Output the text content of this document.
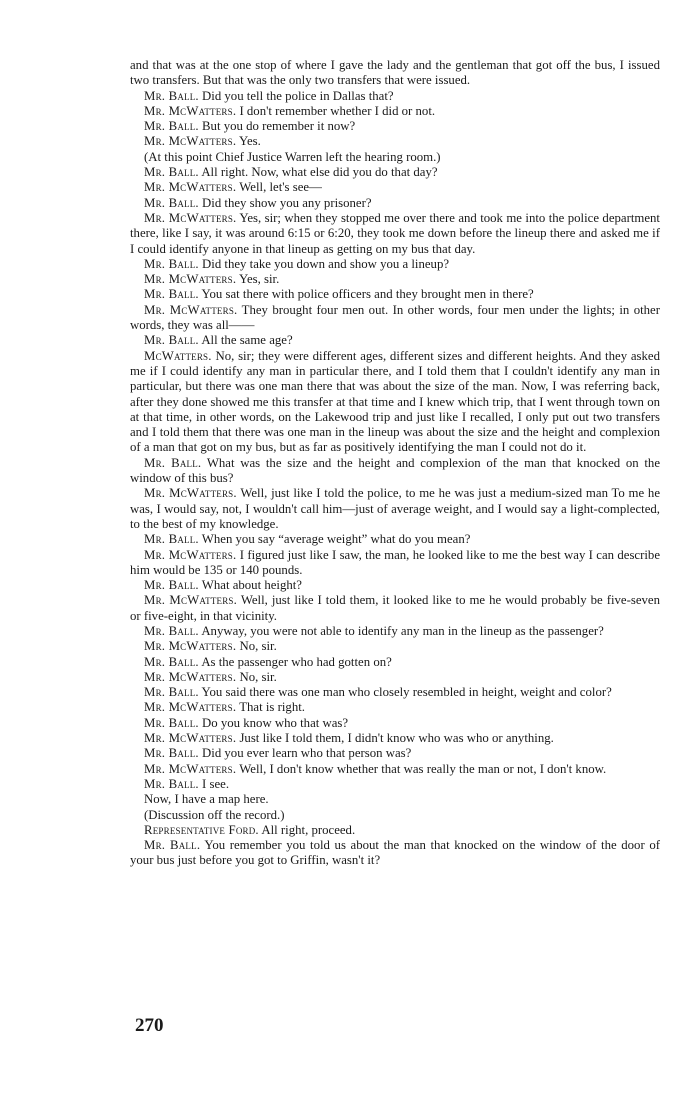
and that was at the one stop of where I gave the lady and the gentleman that got off the bus, I issued two transfers. But that was the only two transfers that were issued.

Mr. Ball. Did you tell the police in Dallas that?

Mr. McWatters. I don't remember whether I did or not.

Mr. Ball. But you do remember it now?

Mr. McWatters. Yes.

(At this point Chief Justice Warren left the hearing room.)

Mr. Ball. All right. Now, what else did you do that day?

Mr. McWatters. Well, let's see—

Mr. Ball. Did they show you any prisoner?

Mr. McWatters. Yes, sir; when they stopped me over there and took me into the police department there, like I say, it was around 6:15 or 6:20, they took me down before the lineup there and asked me if I could identify anyone in that lineup as getting on my bus that day.

Mr. Ball. Did they take you down and show you a lineup?

Mr. McWatters. Yes, sir.

Mr. Ball. You sat there with police officers and they brought men in there?

Mr. McWatters. They brought four men out. In other words, four men under the lights; in other words, they was all——

Mr. Ball. All the same age?

McWatters. No, sir; they were different ages, different sizes and different heights. And they asked me if I could identify any man in particular there, and I told them that I couldn't identify any man in particular, but there was one man there that was about the size of the man. Now, I was referring back, after they done showed me this transfer at that time and I knew which trip, that I went through town on at that time, in other words, on the Lakewood trip and just like I recalled, I only put out two transfers and I told them that there was one man in the lineup was about the size and the height and complexion of a man that got on my bus, but as far as positively identifying the man I could not do it.

Mr. Ball. What was the size and the height and complexion of the man that knocked on the window of this bus?

Mr. McWatters. Well, just like I told the police, to me he was just a medium-sized man To me he was, I would say, not, I wouldn't call him—just of average weight, and I would say a light-complected, to the best of my knowledge.

Mr. Ball. When you say “average weight” what do you mean?

Mr. McWatters. I figured just like I saw, the man, he looked like to me the best way I can describe him would be 135 or 140 pounds.

Mr. Ball. What about height?

Mr. McWatters. Well, just like I told them, it looked like to me he would probably be five-seven or five-eight, in that vicinity.

Mr. Ball. Anyway, you were not able to identify any man in the lineup as the passenger?

Mr. McWatters. No, sir.

Mr. Ball. As the passenger who had gotten on?

Mr. McWatters. No, sir.

Mr. Ball. You said there was one man who closely resembled in height, weight and color?

Mr. McWatters. That is right.

Mr. Ball. Do you know who that was?

Mr. McWatters. Just like I told them, I didn't know who was who or anything.

Mr. Ball. Did you ever learn who that person was?

Mr. McWatters. Well, I don't know whether that was really the man or not, I don't know.

Mr. Ball. I see.

Now, I have a map here.

(Discussion off the record.)

Representative Ford. All right, proceed.

Mr. Ball. You remember you told us about the man that knocked on the window of the door of your bus just before you got to Griffin, wasn't it?

270
